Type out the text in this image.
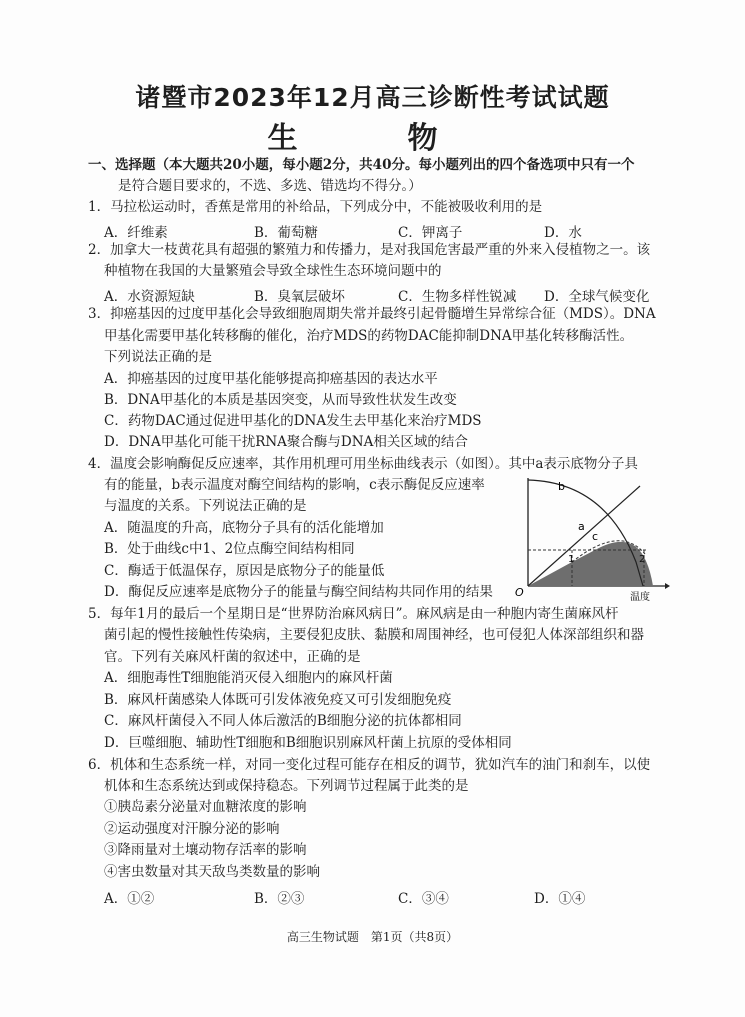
诸暨市2023年12月高三诊断性考试试题
生　物
一、选择题（本大题共20小题，每小题2分，共40分。每小题列出的四个备选项中只有一个
是符合题目要求的，不选、多选、错选均不得分。）
1．马拉松运动时，香蕉是常用的补给品，下列成分中，不能被吸收利用的是
A．纤维素	B．葡萄糖	C．钾离子	D．水
2．加拿大一枝黄花具有超强的繁殖力和传播力，是对我国危害最严重的外来入侵植物之一。该
种植物在我国的大量繁殖会导致全球性生态环境问题中的
A．水资源短缺	B．臭氧层破坏	C．生物多样性锐减 D．全球气候变化
3．抑癌基因的过度甲基化会导致细胞周期失常并最终引起骨髓增生异常综合征（MDS）。DNA
甲基化需要甲基化转移酶的催化，治疗MDS的药物DAC能抑制DNA甲基化转移酶活性。
下列说法正确的是
A．抑癌基因的过度甲基化能够提高抑癌基因的表达水平
B．DNA甲基化的本质是基因突变，从而导致性状发生改变
C．药物DAC通过促进甲基化的DNA发生去甲基化来治疗MDS
D．DNA甲基化可能干扰RNA聚合酶与DNA相关区域的结合
4．温度会影响酶促反应速率，其作用机理可用坐标曲线表示（如图）。其中a表示底物分子具
有的能量，b表示温度对酶空间结构的影响，c表示酶促反应速率
与温度的关系。下列说法正确的是
A．随温度的升高，底物分子具有的活化能增加
B．处于曲线c中1、2位点酶空间结构相同
C．酶适于低温保存，原因是底物分子的能量低
D．酶促反应速率是底物分子的能量与酶空间结构共同作用的结果
b
a
c
1	2
O	温度
5．每年1月的最后一个星期日是“世界防治麻风病日”。麻风病是由一种胞内寄生菌麻风杆
菌引起的慢性接触性传染病，主要侵犯皮肤、黏膜和周围神经，也可侵犯人体深部组织和器
官。下列有关麻风杆菌的叙述中，正确的是
A．细胞毒性T细胞能消灭侵入细胞内的麻风杆菌
B．麻风杆菌感染人体既可引发体液免疫又可引发细胞免疫
C．麻风杆菌侵入不同人体后激活的B细胞分泌的抗体都相同
D．巨噬细胞、辅助性T细胞和B细胞识别麻风杆菌上抗原的受体相同
6．机体和生态系统一样，对同一变化过程可能存在相反的调节，犹如汽车的油门和刹车，以使
机体和生态系统达到或保持稳态。下列调节过程属于此类的是
①胰岛素分泌量对血糖浓度的影响
②运动强度对汗腺分泌的影响
③降雨量对土壤动物存活率的影响
④害虫数量对其天敌鸟类数量的影响
A．①②	B．②③	C．③④	D．①④
高三生物试题　第1页（共8页）
